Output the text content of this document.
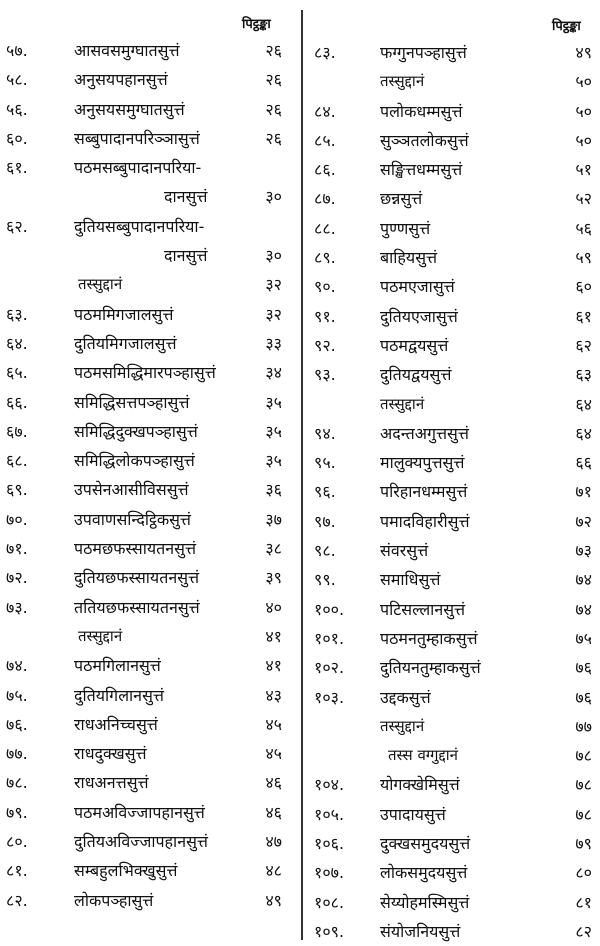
पिट्ठङ्का
५७.	आसवसमुग्घातसुत्तं	२६
५८.	अनुसयपहानसुत्तं	२६
५६.	अनुसयसमुग्घातसुत्तं	२६
६०.	सब्बुपादानपरिञ्ञासुत्तं	२६
६१.	पठमसब्बुपादानपरिया-
दानसुत्तं	३०
६२.	दुतियसब्बुपादानपरिया-
दानसुत्तं	३०
तस्सुद्दानं	३२
६३.	पठममिगजालसुत्तं	३२
६४.	दुतियमिगजालसुत्तं	३३
६५.	पठमसमिद्धिमारपञ्हासुत्तं	३४
६६.	समिद्धिसत्तपञ्हासुत्तं	३५
६७.	समिद्धिदुक्खपञ्हासुत्तं	३५
६८.	समिद्धिलोकपञ्हासुत्तं	३५
६९.	उपसेनआसीविससुत्तं	३६
७०.	उपवाणसन्दिट्ठिकसुत्तं	३७
७१.	पठमछफस्सायतनसुत्तं	३८
७२.	दुतियछफस्सायतनसुत्तं	३९
७३.	ततियछफस्सायतनसुत्तं	४०
तस्सुद्दानं	४१
७४.	पठमगिलानसुत्तं	४१
७५.	दुतियगिलानसुत्तं	४३
७६.	राधअनिच्चसुत्तं	४५
७७.	राधदुक्खसुत्तं	४५
७८.	राधअनत्तसुत्तं	४६
७९.	पठमअविज्जापहानसुत्तं	४६
८०.	दुतियअविज्जापहानसुत्तं	४७
८१.	सम्बहुलभिक्खुसुत्तं	४८
८२.	लोकपञ्हासुत्तं	४९
पिट्ठङ्का
८३.	फग्गुनपञ्हासुत्तं	४९
तस्सुद्दानं	५०
८४.	पलोकधम्मसुत्तं	५०
८५.	सुञ्ञतलोकसुत्तं	५०
८६.	सङ्खित्तधम्मसुत्तं	५१
८७.	छन्नसुत्तं	५२
८८.	पुण्णसुत्तं	५६
८९.	बाहियसुत्तं	५९
९०.	पठमएजासुत्तं	६०
९१.	दुतियएजासुत्तं	६१
९२.	पठमद्वयसुत्तं	६२
९३.	दुतियद्वयसुत्तं	६३
तस्सुद्दानं	६४
९४.	अदन्तअगुत्तसुत्तं	६४
९५.	मालुक्यपुत्तसुत्तं	६६
९६.	परिहानधम्मसुत्तं	७१
९७.	पमादविहारीसुत्तं	७२
९८.	संवरसुत्तं	७३
९९.	समाधिसुत्तं	७४
१००. पटिसल्लानसुत्तं	७४
१०१. पठमनतुम्हाकसुत्तं	७५
१०२. दुतियनतुम्हाकसुत्तं	७६
१०३. उद्दकसुत्तं	७६
तस्सुद्दानं	७७
तस्स वग्गुद्दानं	७८
१०४. योगक्खेमिसुत्तं	७८
१०५. उपादायसुत्तं	७८
१०६. दुक्खसमुदयसुत्तं	७९
१०७. लोकसमुदयसुत्तं	८०
१०८. सेय्योहमस्मिसुत्तं	८१
१०९. संयोजनियसुत्तं	८२
